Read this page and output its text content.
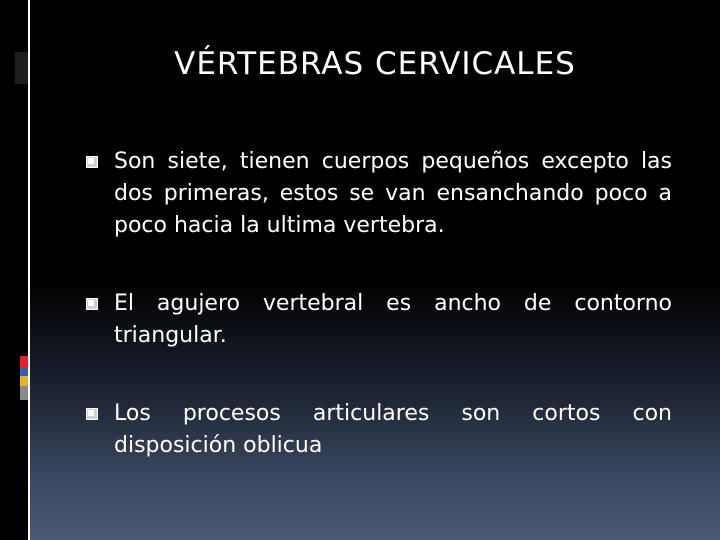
VÉRTEBRAS CERVICALES
Son siete, tienen cuerpos pequeños excepto las dos primeras, estos se van ensanchando poco a poco hacia la ultima vertebra.
El agujero vertebral es ancho de contorno triangular.
Los procesos articulares son cortos con disposición oblicua
